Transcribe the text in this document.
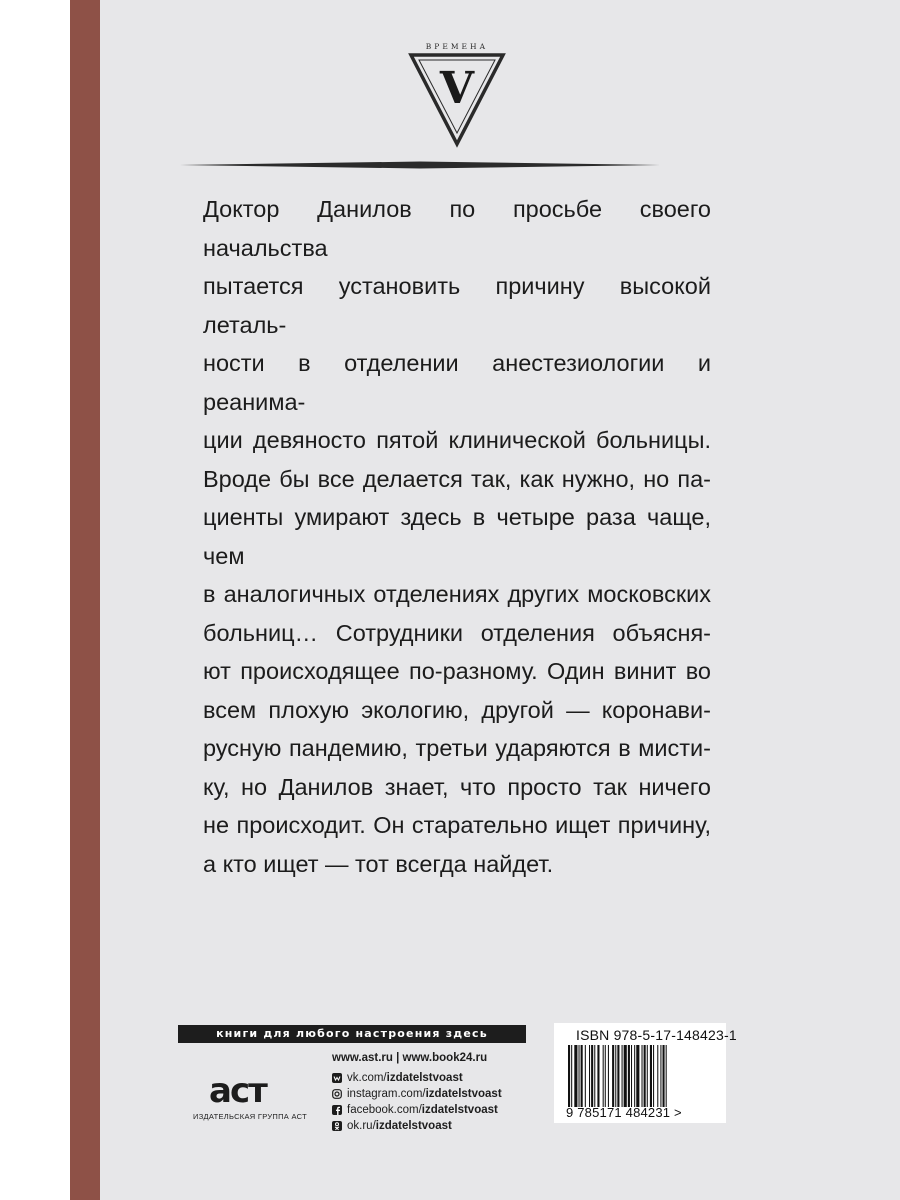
ВРЕМЕНА
V
Доктор Данилов по просьбе своего начальства
пытается установить причину высокой леталь-
ности в отделении анестезиологии и реанима-
ции девяносто пятой клинической больницы.
Вроде бы все делается так, как нужно, но па-
циенты умирают здесь в четыре раза чаще, чем
в аналогичных отделениях других московских
больниц… Сотрудники отделения объясня-
ют происходящее по-разному. Один винит во
всем плохую экологию, другой — коронави-
русную пандемию, третьи ударяются в мисти-
ку, но Данилов знает, что просто так ничего
не происходит. Он старательно ищет причину,
а кто ищет — тот всегда найдет.
книги для любого настроения здесь
аст
ИЗДАТЕЛЬСКАЯ ГРУППА АСТ
www.ast.ru | www.book24.ru
vk.com/ izdatelstvoast
instagram.com/ izdatelstvoast
facebook.com/ izdatelstvoast
ok.ru/ izdatelstvoast
ISBN 978-5-17-148423-1
9 785171 484231 >
